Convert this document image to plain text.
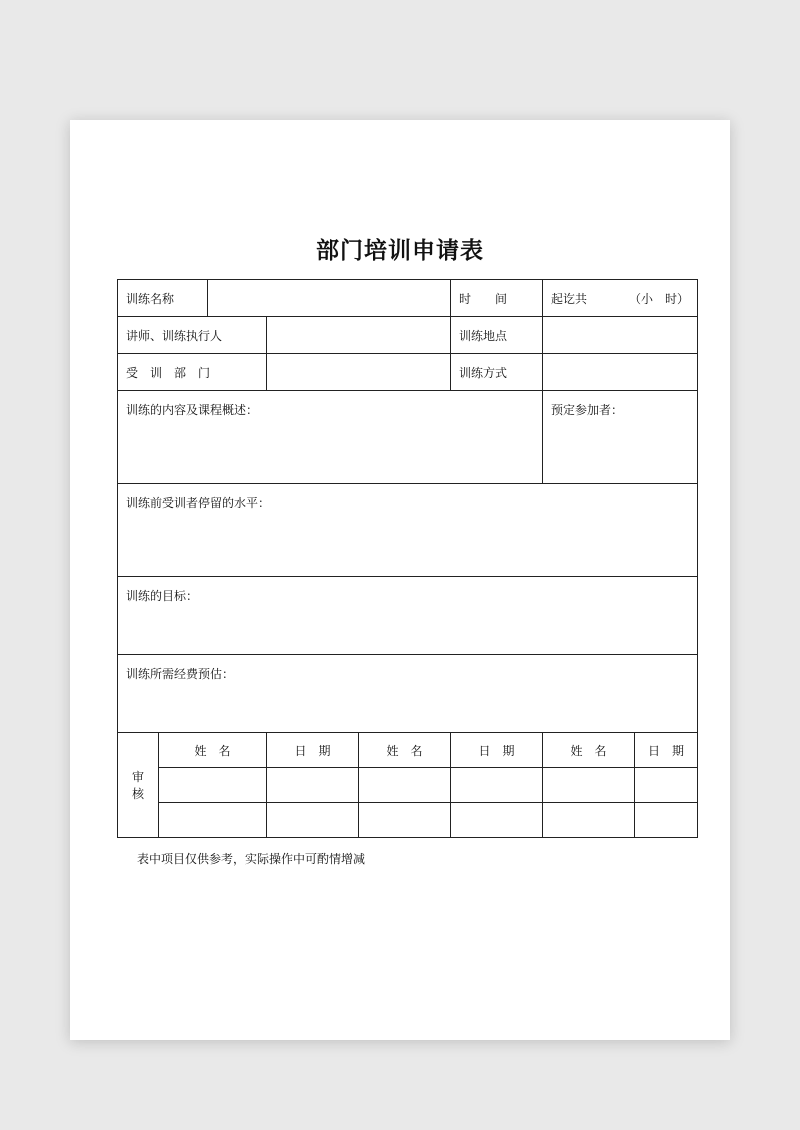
部门培训申请表
训练名称					时　　间	起讫共 （小　时）	

讲师、训练执行人					训练地点		
受　训　部　门					训练方式		
训练的内容及课程概述：						预定参加者：	
训练前受训者停留的水平：							
训练的目标：							
训练所需经费预估：							
审核	姓　名		日　期	姓　名	日　期	姓　名	日　期

表中项目仅供参考，实际操作中可酌情增减
